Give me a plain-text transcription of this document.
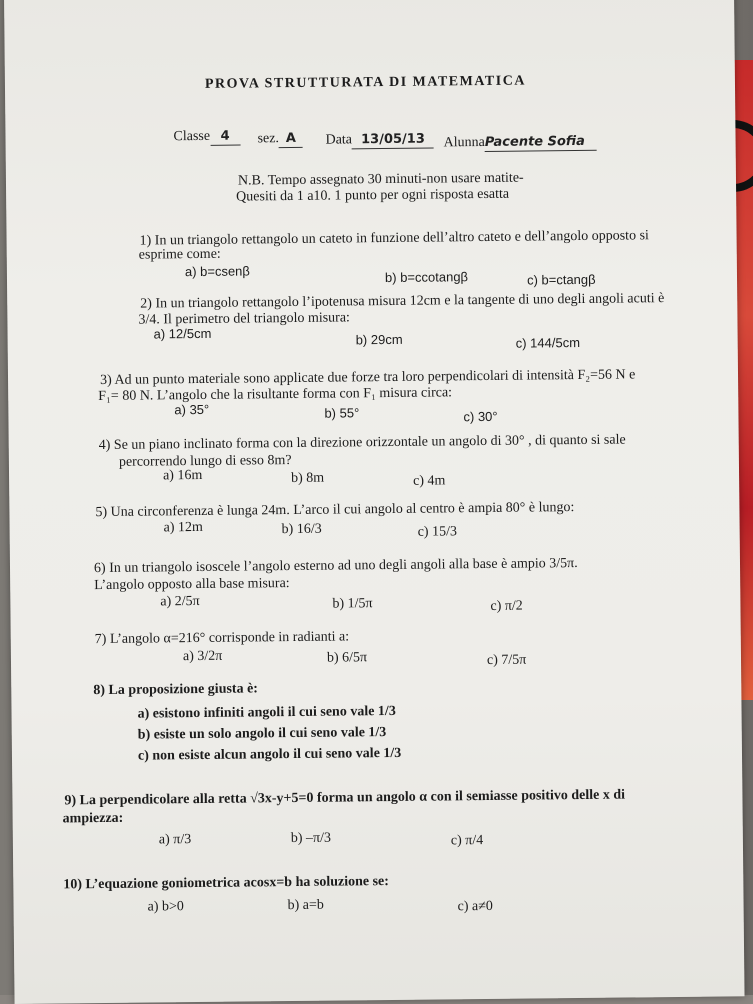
PROVA STRUTTURATA DI MATEMATICA
Classe 4	sez. A	Data 13/05/13	AlunnaPacente Sofia
N.B. Tempo assegnato 30 minuti-non usare matite-
Quesiti da 1 a10. 1 punto per ogni risposta esatta
1) In un triangolo rettangolo un cateto in funzione dell’altro cateto e dell’angolo opposto si
esprime come:
a) b=csenβ	b) b=ccotangβ	c) b=ctangβ
2) In un triangolo rettangolo l’ipotenusa misura 12cm e la tangente di uno degli angoli acuti è
3/4. Il perimetro del triangolo misura:
a) 12/5cm	b) 29cm	c) 144/5cm
3) Ad un punto materiale sono applicate due forze tra loro perpendicolari di intensità F₂=56 N e
F₁= 80 N. L’angolo che la risultante forma con F₁ misura circa:
a) 35°	b) 55°	c) 30°
4) Se un piano inclinato forma con la direzione orizzontale un angolo di 30° , di quanto si sale
percorrendo lungo di esso 8m?
a) 16m	b) 8m	c) 4m
5) Una circonferenza è lunga 24m. L’arco il cui angolo al centro è ampia 80° è lungo:
a) 12m	b) 16/3	c) 15/3
6) In un triangolo isoscele l’angolo esterno ad uno degli angoli alla base è ampio 3/5π.
L’angolo opposto alla base misura:
a) 2/5π	b) 1/5π	c) π/2
7) L’angolo α=216° corrisponde in radianti a:
a) 3/2π	b) 6/5π	c) 7/5π
8) La proposizione giusta è:
a) esistono infiniti angoli il cui seno vale 1/3
b) esiste un solo angolo il cui seno vale 1/3
c) non esiste alcun angolo il cui seno vale 1/3
9) La perpendicolare alla retta √3x-y+5=0 forma un angolo α con il semiasse positivo delle x di
ampiezza:
a) π/3	b) –π/3	c) π/4
10) L’equazione goniometrica acosx=b ha soluzione se:
a) b>0	b) a=b	c) a≠0
